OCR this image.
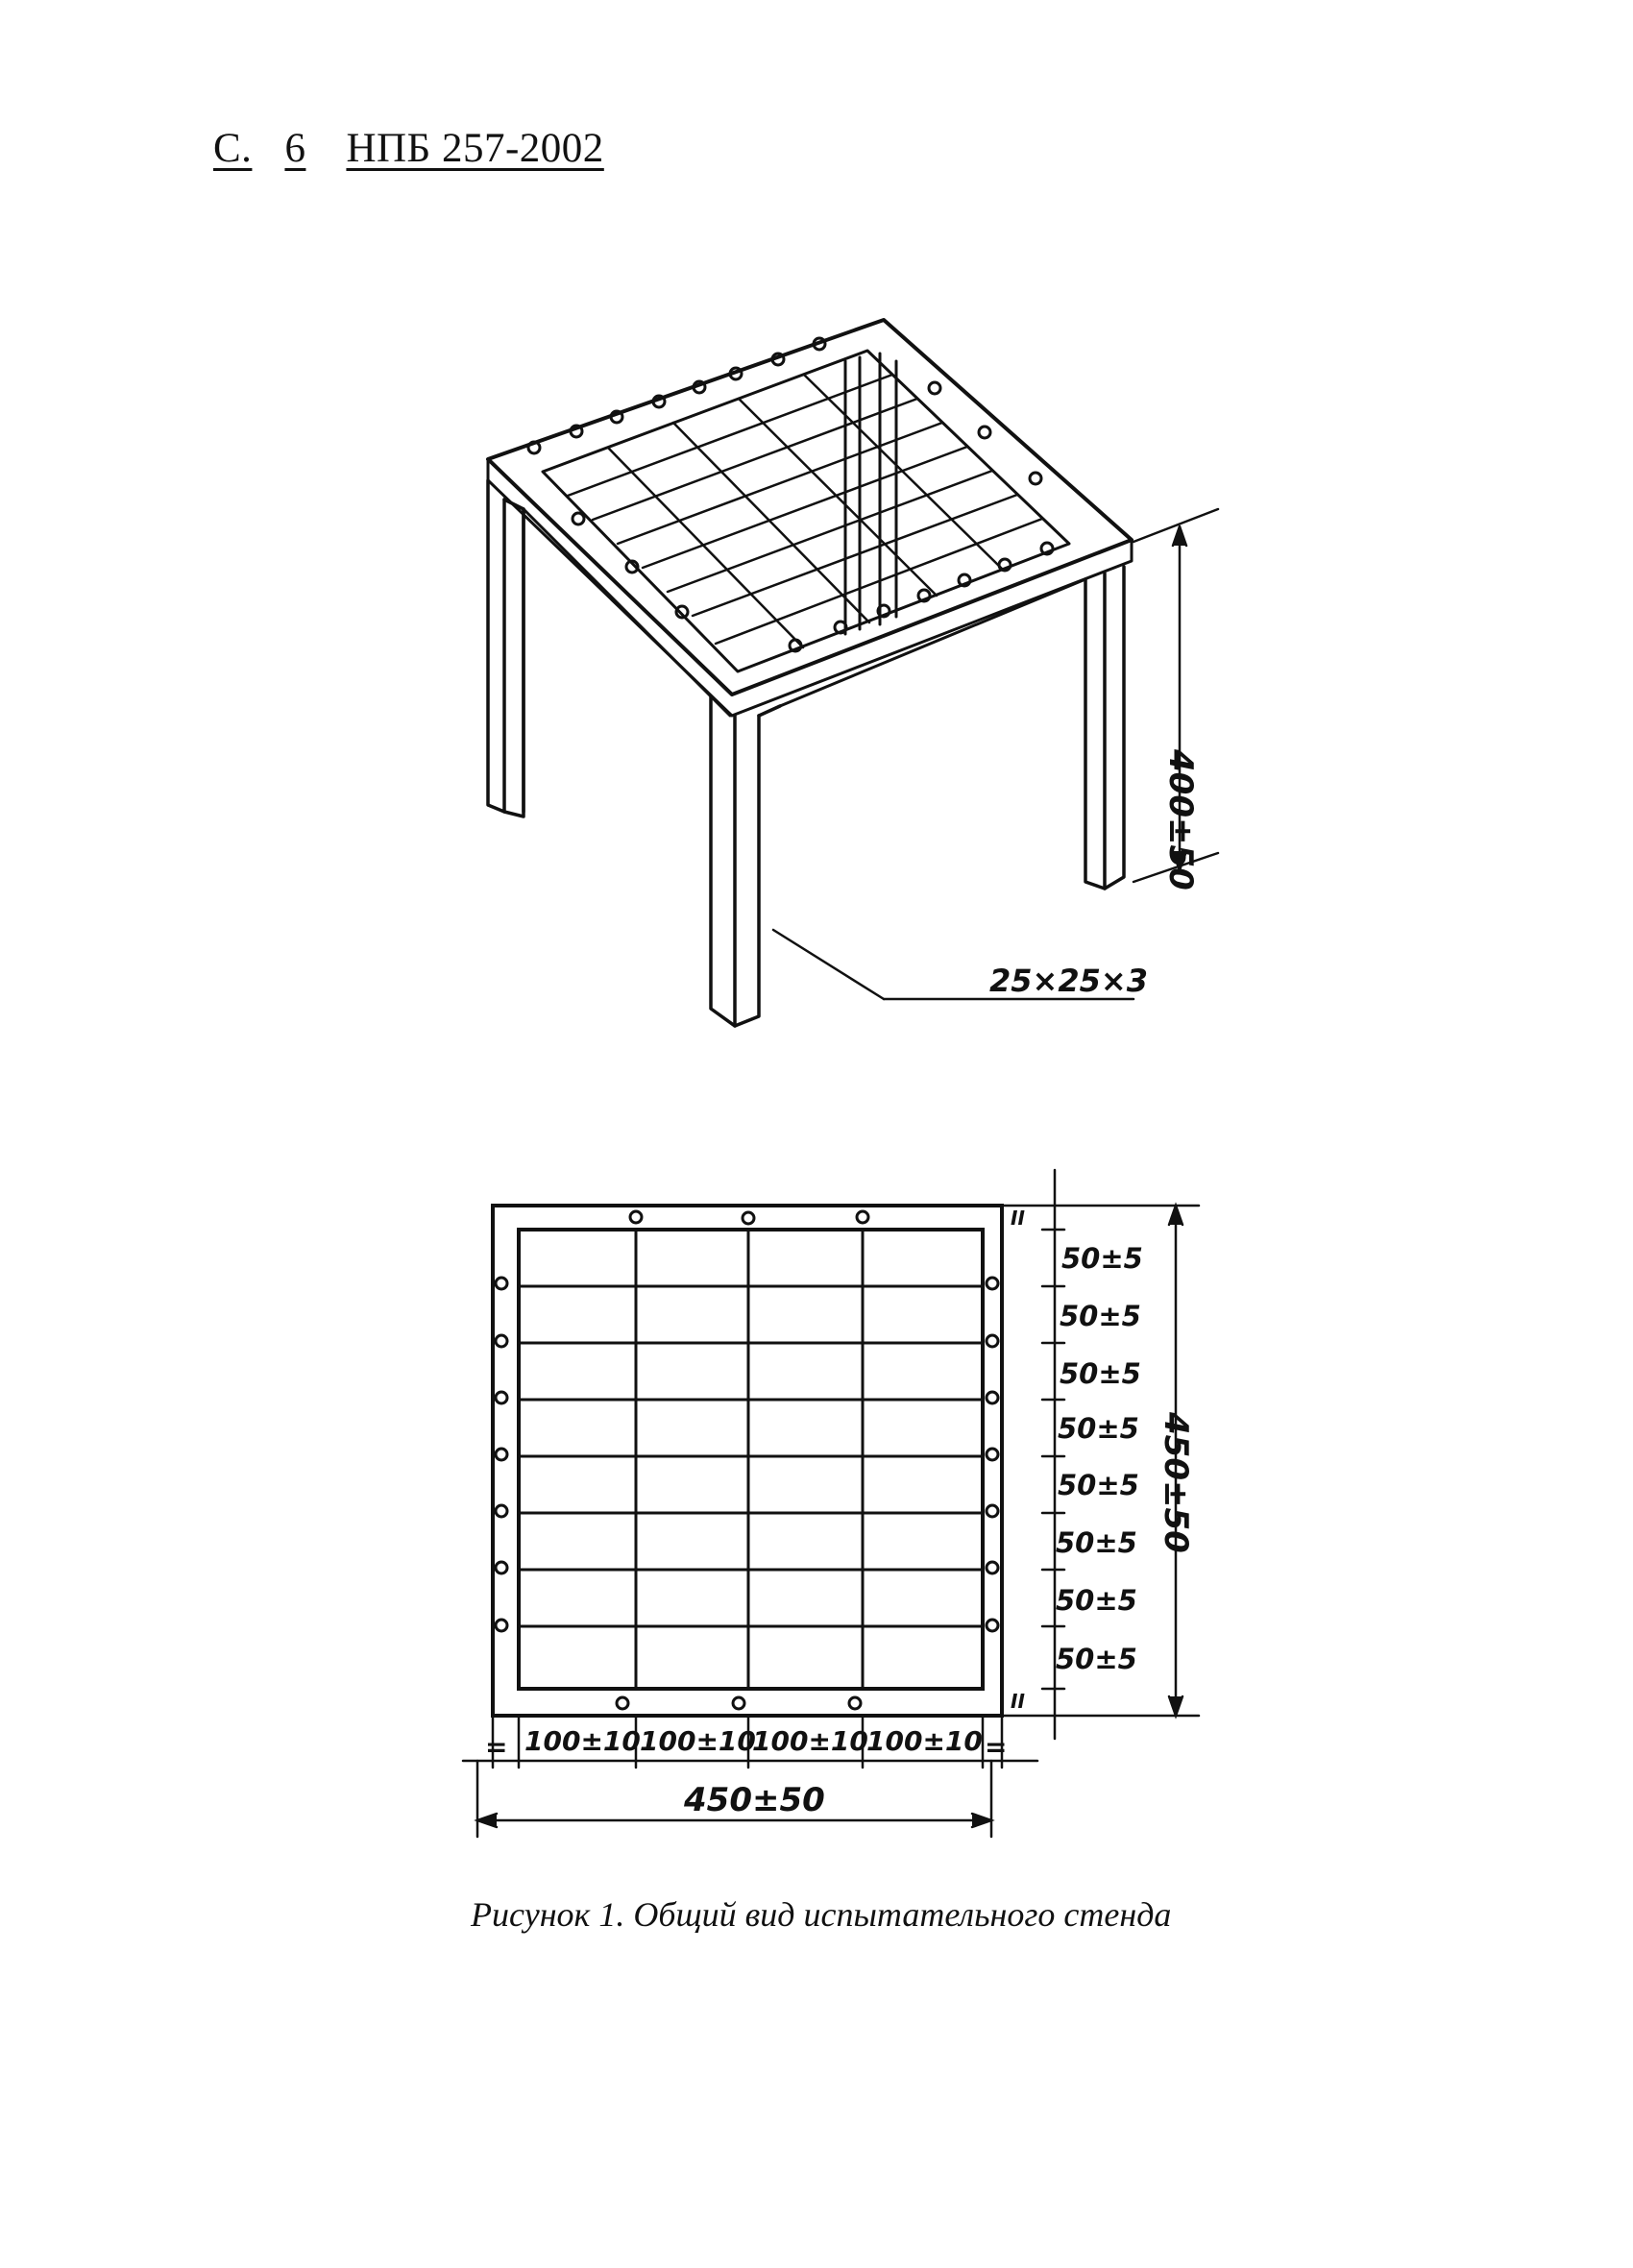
С. 6 НПБ 257-2002
400±50
25×25×3
II
II
50±5
50±5
50±5
50±5
50±5
50±5
50±5
50±5
450±50
= 100±10 100±10
100±10
100±10 =
450±50
Рисунок 1. Общий вид испытательного стенда
